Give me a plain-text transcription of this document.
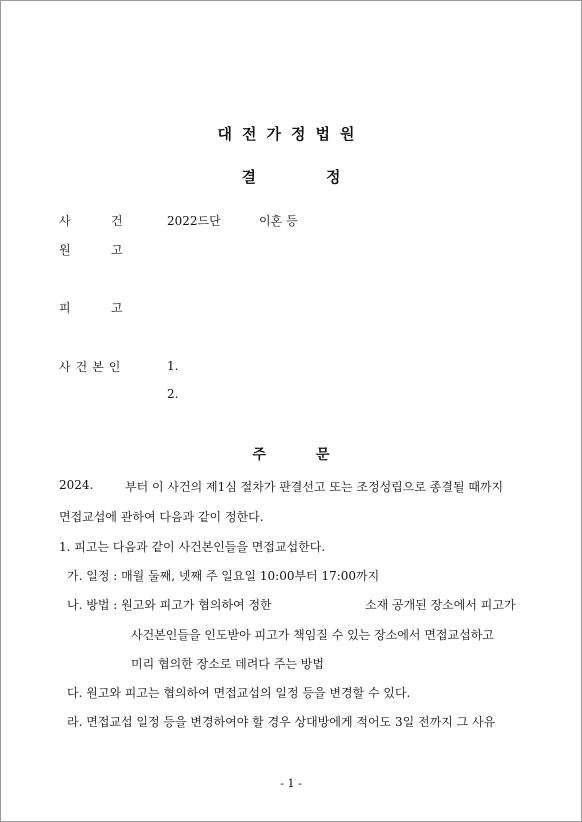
대전가정법원
결	정
사	건	2022드단	이혼 등
원	고
피	고
사건본인	1.
2.
주	문
2024.	부터 이 사건의 제1심 절차가 판결선고 또는 조정성립으로 종결될 때까지
면접교섭에 관하여 다음과 같이 정한다.
1. 피고는 다음과 같이 사건본인들을 면접교섭한다.
가. 일정 : 매월 둘째, 넷째 주 일요일 10:00부터 17:00까지
나. 방법 : 원고와 피고가 협의하여 정한	소재 공개된 장소에서 피고가
사건본인들을 인도받아 피고가 책임질 수 있는 장소에서 면접교섭하고
미리 협의한 장소로 데려다 주는 방법
다. 원고와 피고는 협의하여 면접교섭의 일정 등을 변경할 수 있다.
라. 면접교섭 일정 등을 변경하여야 할 경우 상대방에게 적어도 3일 전까지 그 사유
- 1 -
